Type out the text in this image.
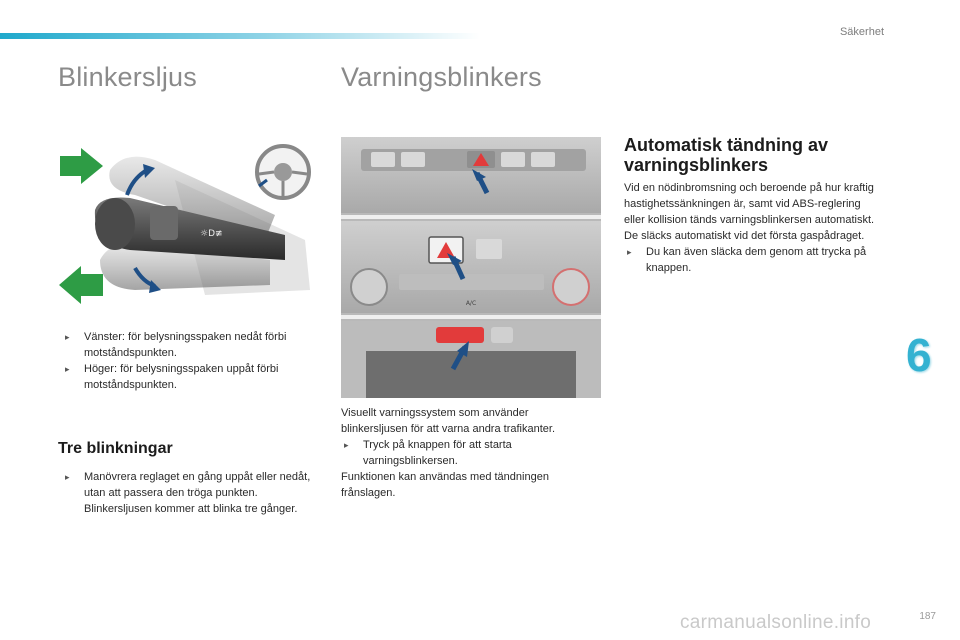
Säkerhet
Blinkersljus
☼D≢
▸ Vänster: för belysningsspaken nedåt förbi motståndspunkten.
▸ Höger: för belysningsspaken uppåt förbi motståndspunkten.
Tre blinkningar
▸ Manövrera reglaget en gång uppåt eller nedåt, utan att passera den tröga punkten. Blinkersljusen kommer att blinka tre gånger.
Varningsblinkers
A/C
Visuellt varningssystem som använder blinkersljusen för att varna andra trafikanter.
▸ Tryck på knappen för att starta varningsblinkersen.
Funktionen kan användas med tändningen frånslagen.
Automatisk tändning av
varningsblinkers
Vid en nödinbromsning och beroende på hur kraftig hastighetssänkningen är, samt vid ABS-reglering eller kollision tänds varningsblinkersen automatiskt.
De släcks automatiskt vid det första gaspådraget.
▸ Du kan även släcka dem genom att trycka på knappen.
6
carmanualsonline.info	187
